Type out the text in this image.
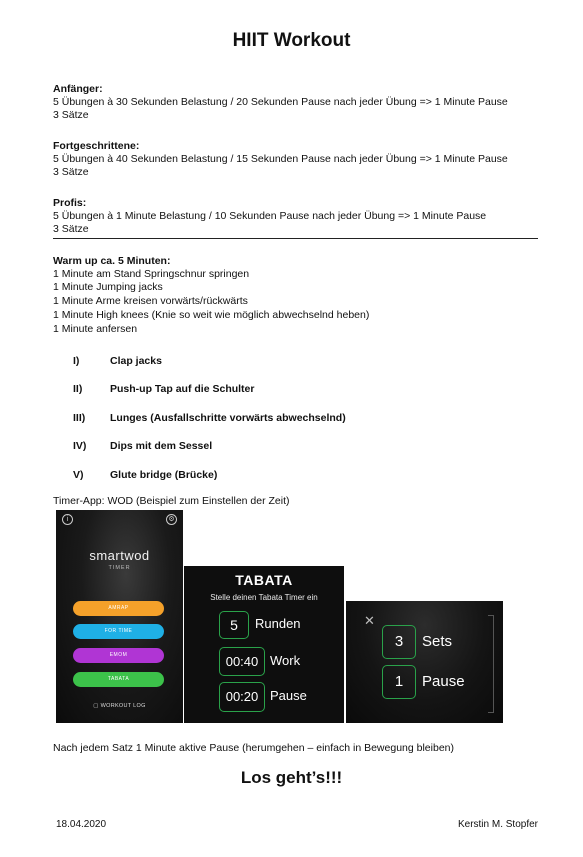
HIIT Workout
Anfänger:
5 Übungen à 30 Sekunden Belastung / 20 Sekunden Pause nach jeder Übung => 1 Minute Pause
3 Sätze
Fortgeschrittene:
5 Übungen à 40 Sekunden Belastung / 15 Sekunden Pause nach jeder Übung => 1 Minute Pause
3 Sätze
Profis:
5 Übungen à 1 Minute Belastung / 10 Sekunden Pause nach jeder Übung => 1 Minute Pause
3 Sätze
Warm up ca. 5 Minuten:
1 Minute am Stand Springschnur springen
1 Minute Jumping jacks
1 Minute Arme kreisen vorwärts/rückwärts
1 Minute High knees (Knie so weit wie möglich abwechselnd heben)
1 Minute anfersen
I)	Clap jacks
II)	Push-up Tap auf die Schulter
III) Lunges (Ausfallschritte vorwärts abwechselnd)
IV) Dips mit dem Sessel
V)	Glute bridge (Brücke)
Timer-App: WOD (Beispiel zum Einstellen der Zeit)
i	⚙
smartwod
TIMER
AMRAP
FOR TIME
EMOM
TABATA
▢ WORKOUT LOG
TABATA
Stelle deinen Tabata Timer ein
5	Runden
00:40 Work
00:20 Pause
✕
3	Sets
1	Pause
Nach jedem Satz 1 Minute aktive Pause (herumgehen – einfach in Bewegung bleiben)
Los geht’s!!!
18.04.2020	Kerstin M. Stopfer
